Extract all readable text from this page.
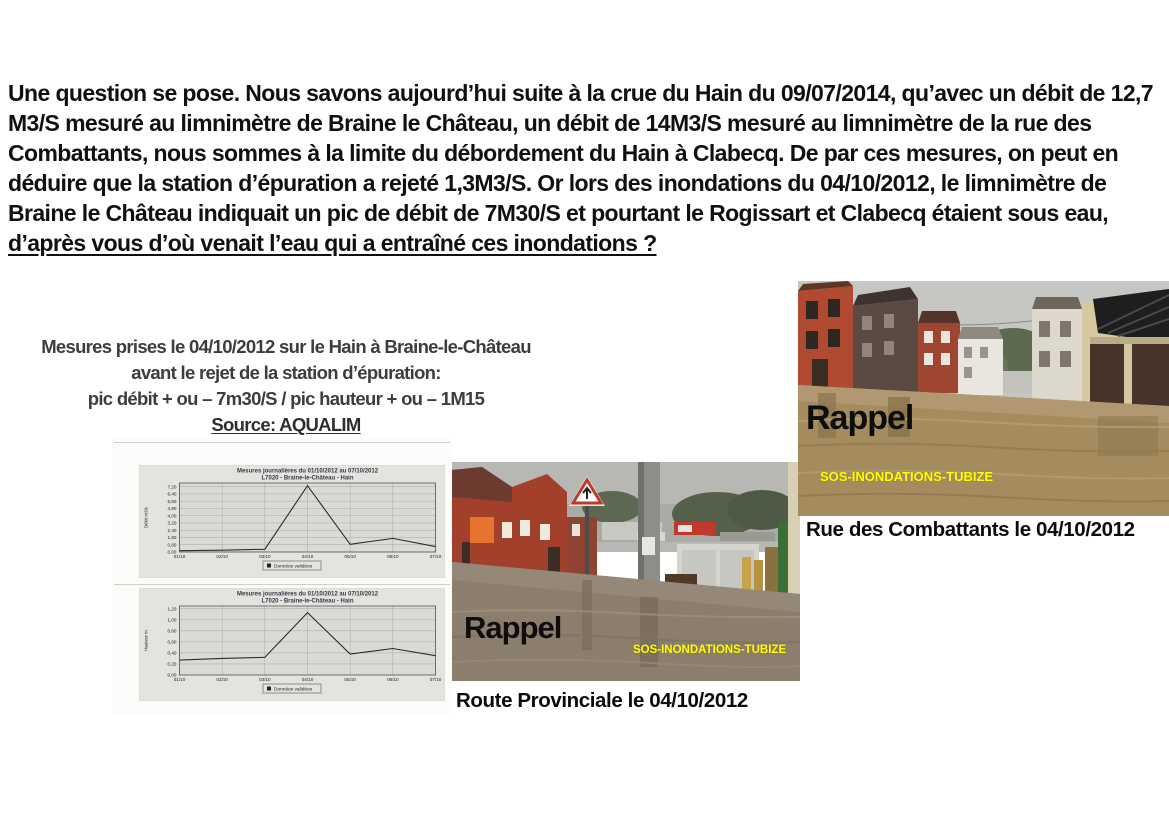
Une question se pose. Nous savons aujourd’hui suite à la crue du Hain du 09/07/2014, qu’avec un débit de 12,7 M3/S mesuré au limnimètre de Braine le Château, un débit de 14M3/S mesuré au limnimètre de la rue des Combattants, nous sommes à la limite du débordement du Hain à Clabecq. De par ces mesures, on peut en déduire que la station d’épuration a rejeté 1,3M3/S. Or lors des inondations du 04/10/2012, le limnimètre de Braine le Château indiquait un pic de débit de 7M30/S et pourtant le Rogissart et Clabecq étaient sous eau, d’après vous d’où venait l’eau qui a entraîné ces inondations ?

Mesures prises le 04/10/2012 sur le Hain à Braine-le-Château
avant le rejet de la station d’épuration:
pic débit + ou – 7m30/S / pic hauteur + ou – 1M15
Source: AQUALIM
Mesures journalières du 01/10/2012 au 07/10/2012
L7020 - Braine-le-Château - Hain
0,00
0,80
1,60
2,40
3,20
4,00
4,80
5,60
6,40
7,20
01/10	02/10	03/10	04/10	05/10	06/10	07/10
Débit m3/s
Données validées
Mesures journalières du 01/10/2012 au 07/10/2012
L7020 - Braine-le-Château - Hain
0,00
0,20
0,40
0,60
0,80
1,00
1,20
01/10	02/10	03/10	04/10	05/10	06/10	07/10
Hauteur m
Données validées
Rappel
SOS-INONDATIONS-TUBIZE
Route Provinciale le 04/10/2012
Rappel
SOS-INONDATIONS-TUBIZE
Rue des Combattants le 04/10/2012
